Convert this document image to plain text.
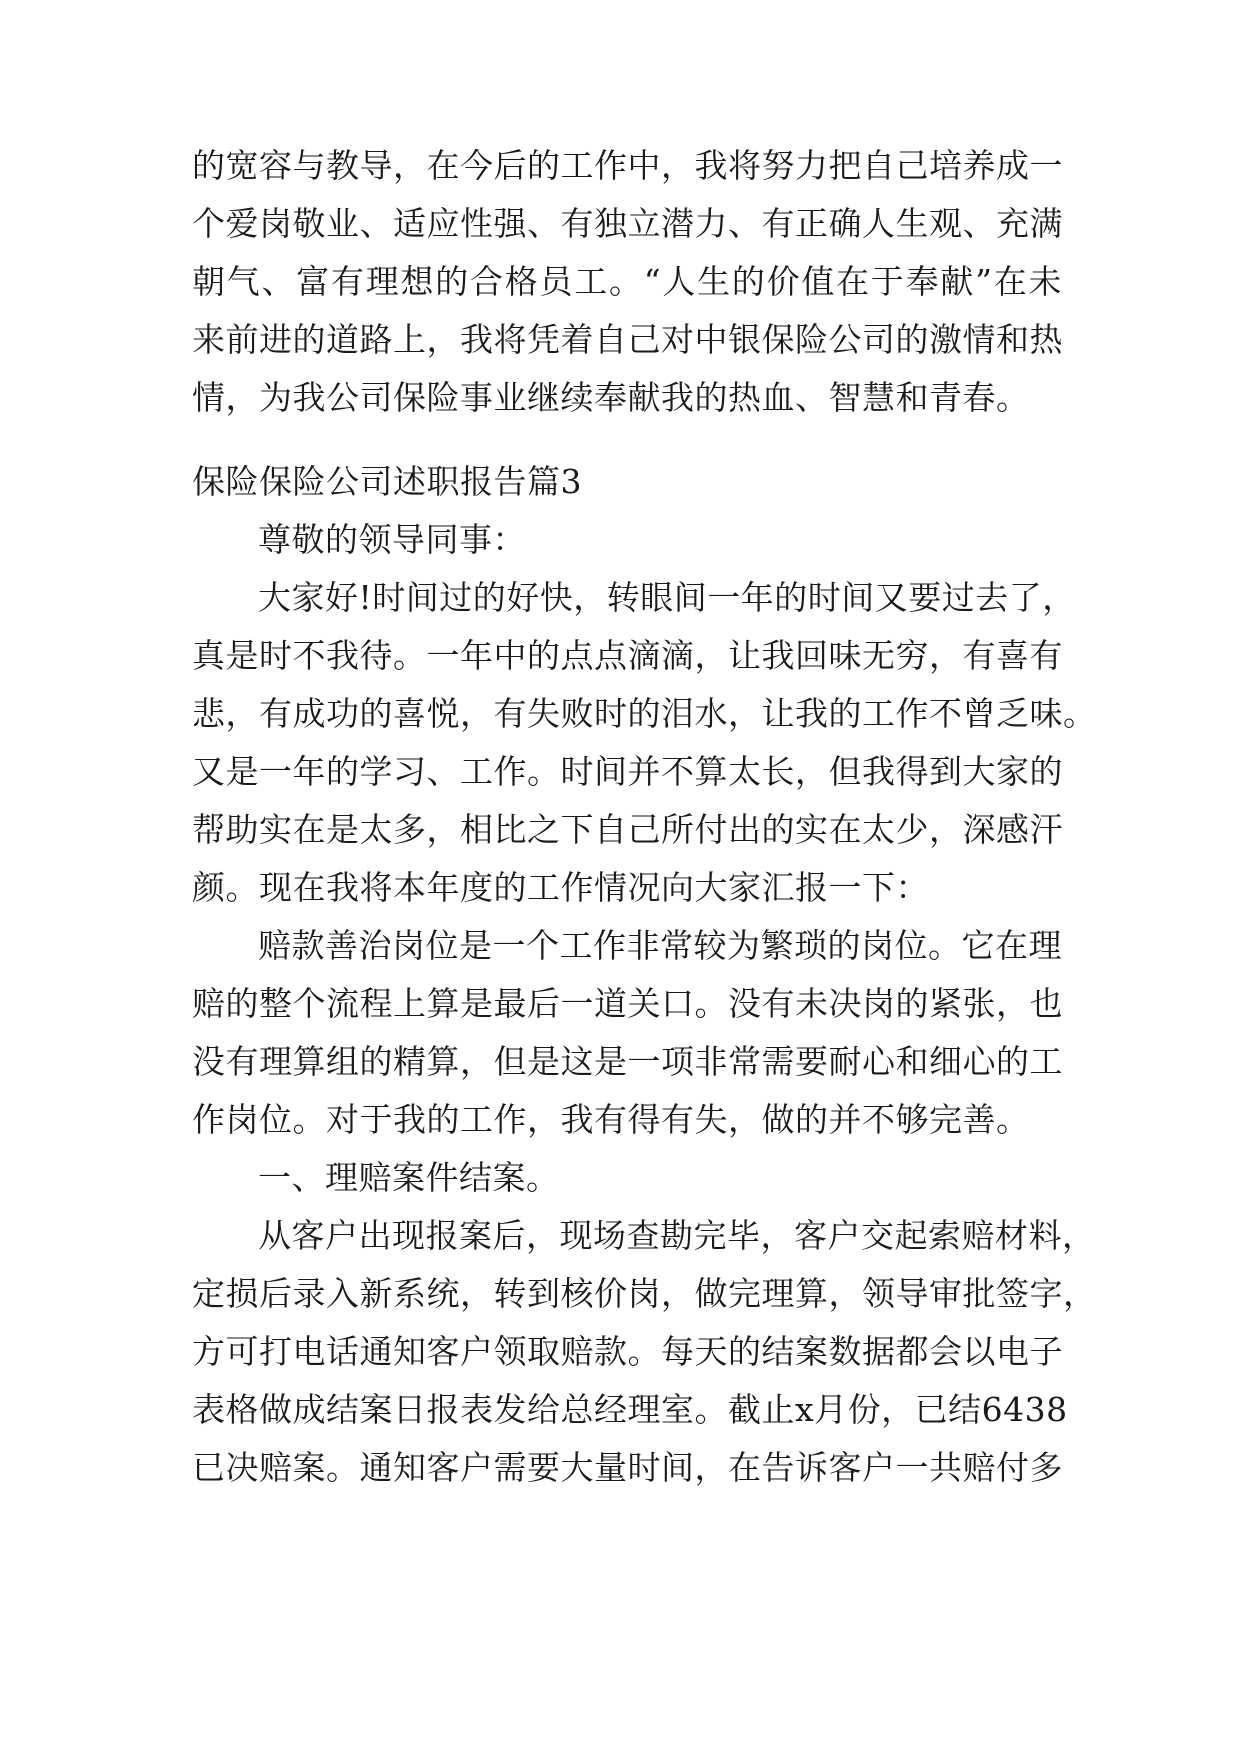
的宽容与教导，在今后的工作中，我将努力把自己培养成一
个爱岗敬业、适应性强、有独立潜力、有正确人生观、充满
朝气、富有理想的合格员工。“人生的价值在于奉献”在未
来前进的道路上，我将凭着自己对中银保险公司的激情和热
情，为我公司保险事业继续奉献我的热血、智慧和青春。
保险保险公司述职报告篇3
尊敬的领导同事：
大家好!时间过的好快，转眼间一年的时间又要过去了，
真是时不我待。一年中的点点滴滴，让我回味无穷，有喜有
悲，有成功的喜悦，有失败时的泪水，让我的工作不曾乏味。
又是一年的学习、工作。时间并不算太长，但我得到大家的
帮助实在是太多，相比之下自己所付出的实在太少，深感汗
颜。现在我将本年度的工作情况向大家汇报一下：
赔款善治岗位是一个工作非常较为繁琐的岗位。它在理
赔的整个流程上算是最后一道关口。没有未决岗的紧张，也
没有理算组的精算，但是这是一项非常需要耐心和细心的工
作岗位。对于我的工作，我有得有失，做的并不够完善。
一、理赔案件结案。
从客户出现报案后，现场查勘完毕，客户交起索赔材料，
定损后录入新系统，转到核价岗，做完理算，领导审批签字，
方可打电话通知客户领取赔款。每天的结案数据都会以电子
表格做成结案日报表发给总经理室。截止x月份，已结6438
已决赔案。通知客户需要大量时间，在告诉客户一共赔付多
